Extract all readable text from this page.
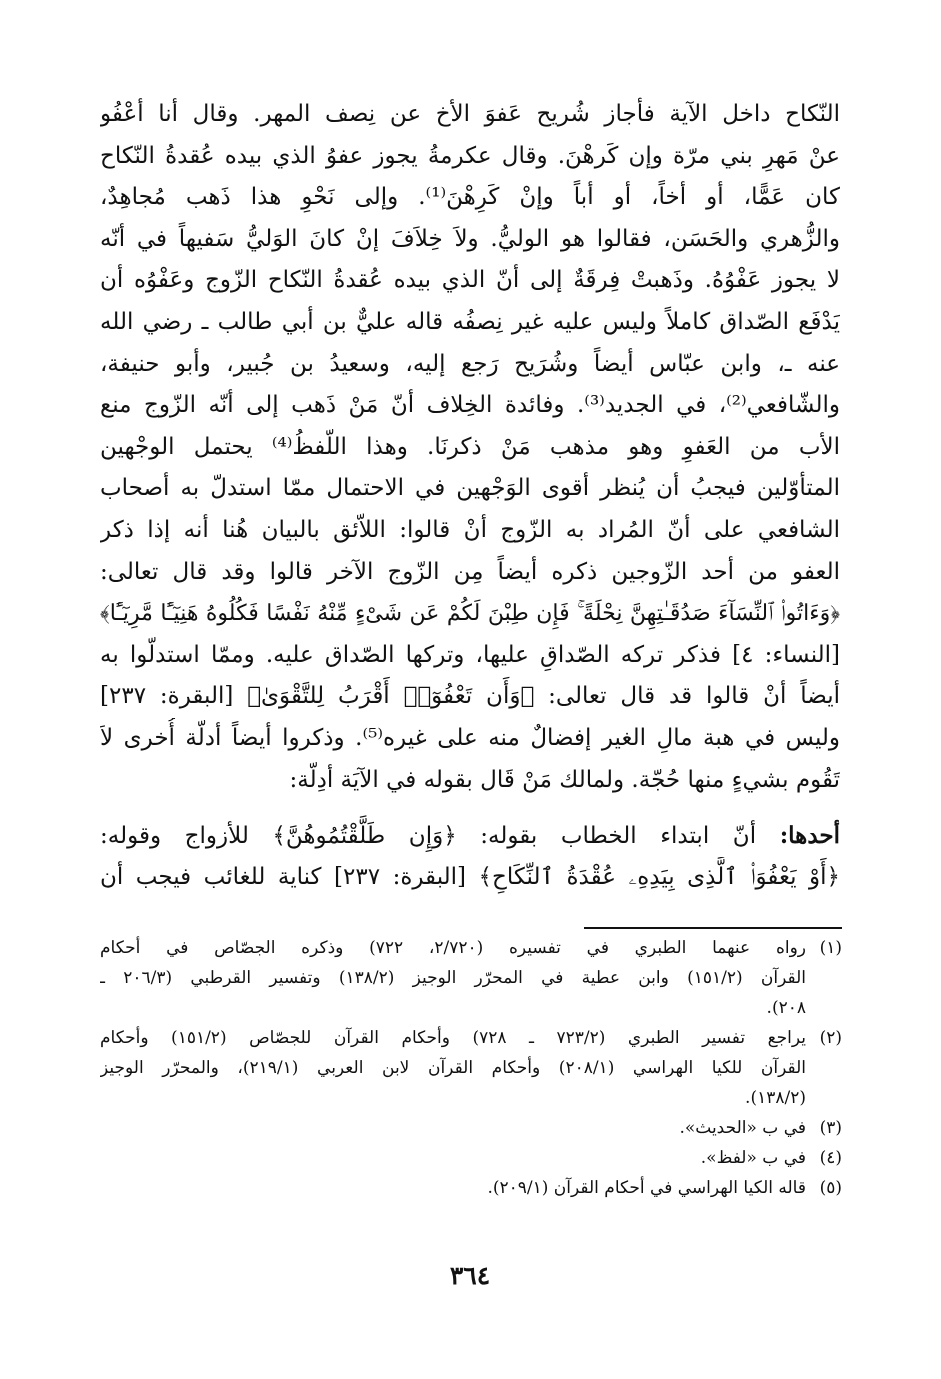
النّكاح داخل الآية فأجاز شُريح عَفوَ الأخ عن نِصف المهر. وقال أنا أعْفُو
عنْ مَهرِ بني مرّة وإن كَرهْنَ. وقال عكرمةُ يجوز عفوُ الذي بيده عُقدةُ النّكاح
كان عَمًّا، أو أخاً، أو أباً وإنْ كَرِهْنَ⁽¹⁾. وإلى نَحْوِ هذا ذَهب مُجاهِدٌ،
والزُّهري والحَسَن، فقالوا هو الوليُّ. ولاَ خِلاَفَ إنْ كانَ الوَليُّ سَفيهاً في أنّه
لا يجوز عَفْوُهُ. وذَهبتْ فِرقَةٌ إلى أنّ الذي بيده عُقدةُ النّكاح الزّوج وعَفْوُه أن
يَدْفَع الصّداق كاملاً وليس عليه غير نِصفُه قاله عليٌّ بن أبي طالب ـ رضي الله
عنه ـ، وابن عبّاس أيضاً وشُرَيح رَجع إليه، وسعيدُ بن جُبير، وأبو حنيفة،
والشّافعي⁽²⁾، في الجديد⁽³⁾. وفائدة الخِلاف أنّ مَنْ ذَهب إلى أنّه الزّوج منع
الأب من العَفوِ وهو مذهب مَنْ ذكرنَا. وهذا اللّفظُ⁽⁴⁾ يحتمل الوجْهين
المتأوّلين فيجبُ أن يُنظر أقوى الوَجْهين في الاحتمال ممّا استدلّ به أصحاب
الشافعي على أنّ المُراد به الزّوج أنْ قالوا: اللاّئق بالبيان هُنا أنه إذا ذكر
العفو من أحد الزّوجين ذكره أيضاً مِن الزّوج الآخر قالوا وقد قال تعالى:
﴿وَءَاتُوا۟ ٱلنِّسَآءَ صَدُقَـٰتِهِنَّ نِحْلَةً ۚ فَإِن طِبْنَ لَكُمْ عَن شَىْءٍ مِّنْهُ نَفْسًا فَكُلُوهُ هَنِيٓـًٔا مَّرِيٓـًٔا﴾
[النساء: ٤] فذكر تركه الصّداقِ عليها، وتركها الصّداق عليه. وممّا استدلّوا به
أيضاً أنْ قالوا قد قال تعالى: ﴿وَأَن تَعْفُوٓا۟ أَقْرَبُ لِلتَّقْوَىٰ﴾ [البقرة: ٢٣٧]
وليس في هبة مالِ الغير إفضالٌ منه على غيره⁽⁵⁾. وذكروا أيضاً أدلّة أُخرى لاَ
تَقُوم بشيءٍ منها حُجّة. ولمالك مَنْ قَال بقوله في الآيَة أدِلّة:
أحدها: أنّ ابتداء الخطاب بقوله: ﴿وَإِن طَلَّقْتُمُوهُنَّ﴾ للأزواج وقوله:
﴿أَوْ يَعْفُوَا۟ ٱلَّذِى بِيَدِهِۦ عُقْدَةُ ٱلنِّكَاحِ﴾ [البقرة: ٢٣٧] كناية للغائب فيجب أن
(١)
رواه عنهما الطبري في تفسيره (٢/٧٢٠، ٧٢٢) وذكره الجصّاص في أحكام
القرآن (١٥١/٢) وابن عطية في المحرّر الوجيز (١٣٨/٢) وتفسير القرطبي (٢٠٦/٣ ـ
٢٠٨).
(٢)
يراجع تفسير الطبري (٧٢٣/٢ ـ ٧٢٨) وأحكام القرآن للجصّاص (١٥١/٢) وأحكام
القرآن للكيا الهراسي (٢٠٨/١) وأحكام القرآن لابن العربي (٢١٩/١)، والمحرّر الوجيز
(١٣٨/٢).
(٣)
في ب «الحديث».
(٤)
في ب «لفظ».
(٥)
قاله الكيا الهراسي في أحكام القرآن (٢٠٩/١).
٣٦٤
